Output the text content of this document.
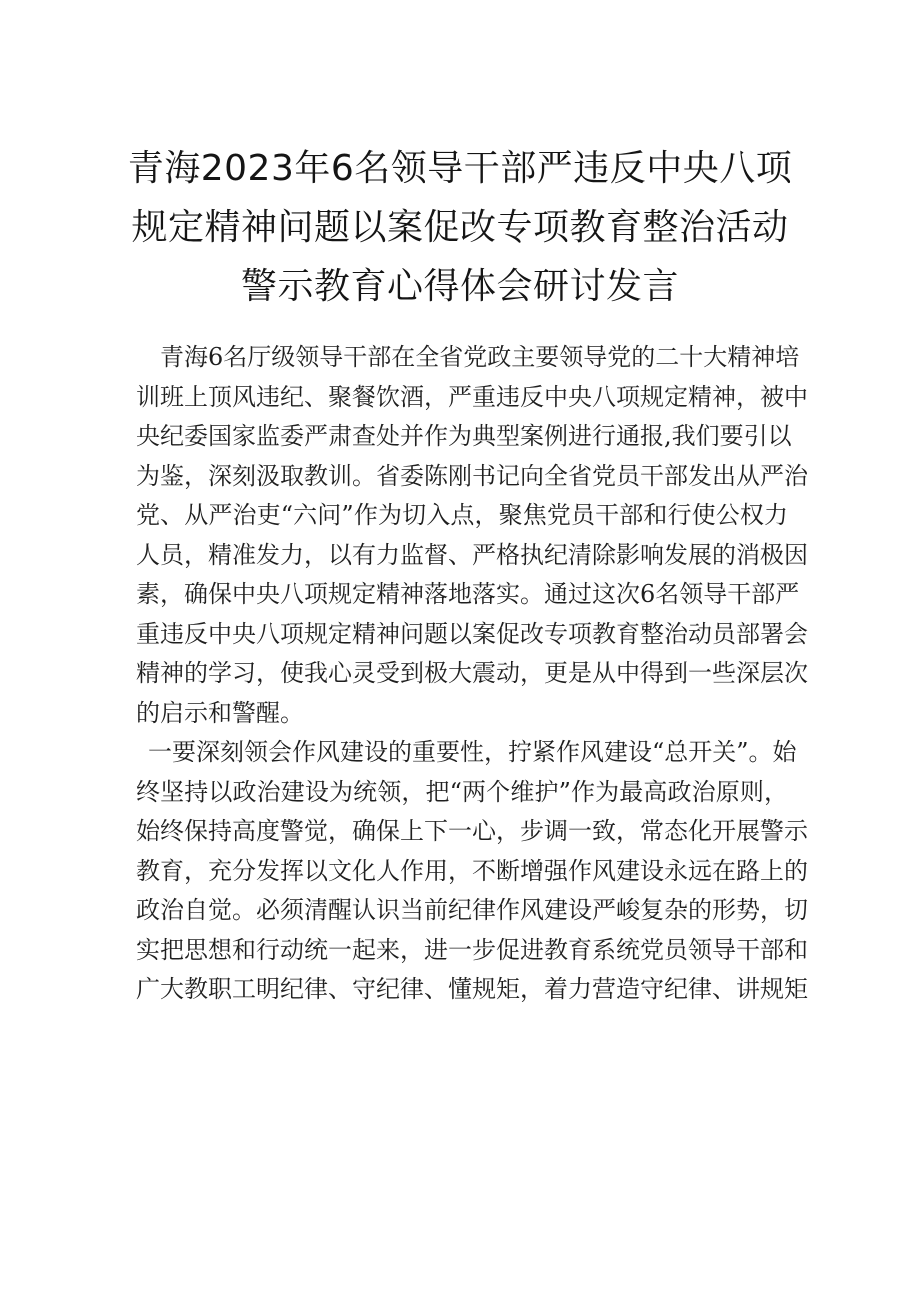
青海2023年6名领导干部严违反中央八项
规定精神问题以案促改专项教育整治活动
警示教育心得体会研讨发言
青海6名厅级领导干部在全省党政主要领导党的二十大精神培
训班上顶风违纪、聚餐饮酒，严重违反中央八项规定精神，被中
央纪委国家监委严肃查处并作为典型案例进行通报,我们要引以
为鉴，深刻汲取教训。省委陈刚书记向全省党员干部发出从严治
党、从严治吏“六问”作为切入点，聚焦党员干部和行使公权力
人员，精准发力，以有力监督、严格执纪清除影响发展的消极因
素，确保中央八项规定精神落地落实。通过这次6名领导干部严
重违反中央八项规定精神问题以案促改专项教育整治动员部署会
精神的学习，使我心灵受到极大震动，更是从中得到一些深层次
的启示和警醒。
一要深刻领会作风建设的重要性，拧紧作风建设“总开关”。始
终坚持以政治建设为统领，把“两个维护”作为最高政治原则，
始终保持高度警觉，确保上下一心，步调一致，常态化开展警示
教育，充分发挥以文化人作用，不断增强作风建设永远在路上的
政治自觉。必须清醒认识当前纪律作风建设严峻复杂的形势，切
实把思想和行动统一起来，进一步促进教育系统党员领导干部和
广大教职工明纪律、守纪律、懂规矩，着力营造守纪律、讲规矩
